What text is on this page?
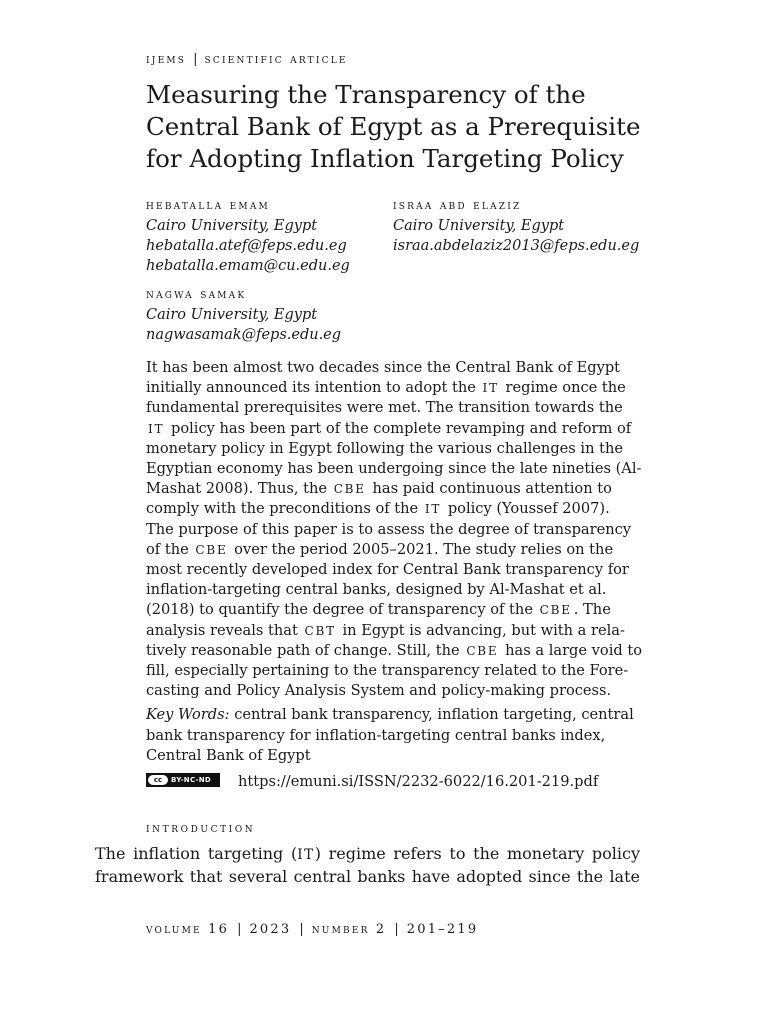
ijems | scientific article
Measuring the Transparency of the
Central Bank of Egypt as a Prerequisite
for Adopting Inflation Targeting Policy
hebatalla emam
Cairo University, Egypt
hebatalla.atef@feps.edu.eg
hebatalla.emam@cu.edu.eg
israa abd elaziz
Cairo University, Egypt
israa.abdelaziz2013@feps.edu.eg
nagwa samak
Cairo University, Egypt
nagwasamak@feps.edu.eg

It has been almost two decades since the Central Bank of Egypt
initially announced its intention to adopt the IT regime once the
fundamental prerequisites were met. The transition towards the
IT policy has been part of the complete revamping and reform of
monetary policy in Egypt following the various challenges in the
Egyptian economy has been undergoing since the late nineties (Al-
Mashat 2008). Thus, the CBE has paid continuous attention to
comply with the preconditions of the IT policy (Youssef 2007).
The purpose of this paper is to assess the degree of transparency
of the CBE over the period 2005–2021. The study relies on the
most recently developed index for Central Bank transparency for
inflation-targeting central banks, designed by Al-Mashat et al.
(2018) to quantify the degree of transparency of the CBE . The
analysis reveals that CBT in Egypt is advancing, but with a rela-
tively reasonable path of change. Still, the CBE has a large void to
fill, especially pertaining to the transparency related to the Fore-
casting and Policy Analysis System and policy-making process.

Key Words: central bank transparency, inflation targeting, central
bank transparency for inflation-targeting central banks index,
Central Bank of Egypt

cc	BY-NC-ND https://emuni.si/ISSN/2232-6022/16.201-219.pdf
introduction

The inflation targeting (IT) regime refers to the monetary policy
framework that several central banks have adopted since the late

volume 16 | 2023 | number 2 | 201–219
